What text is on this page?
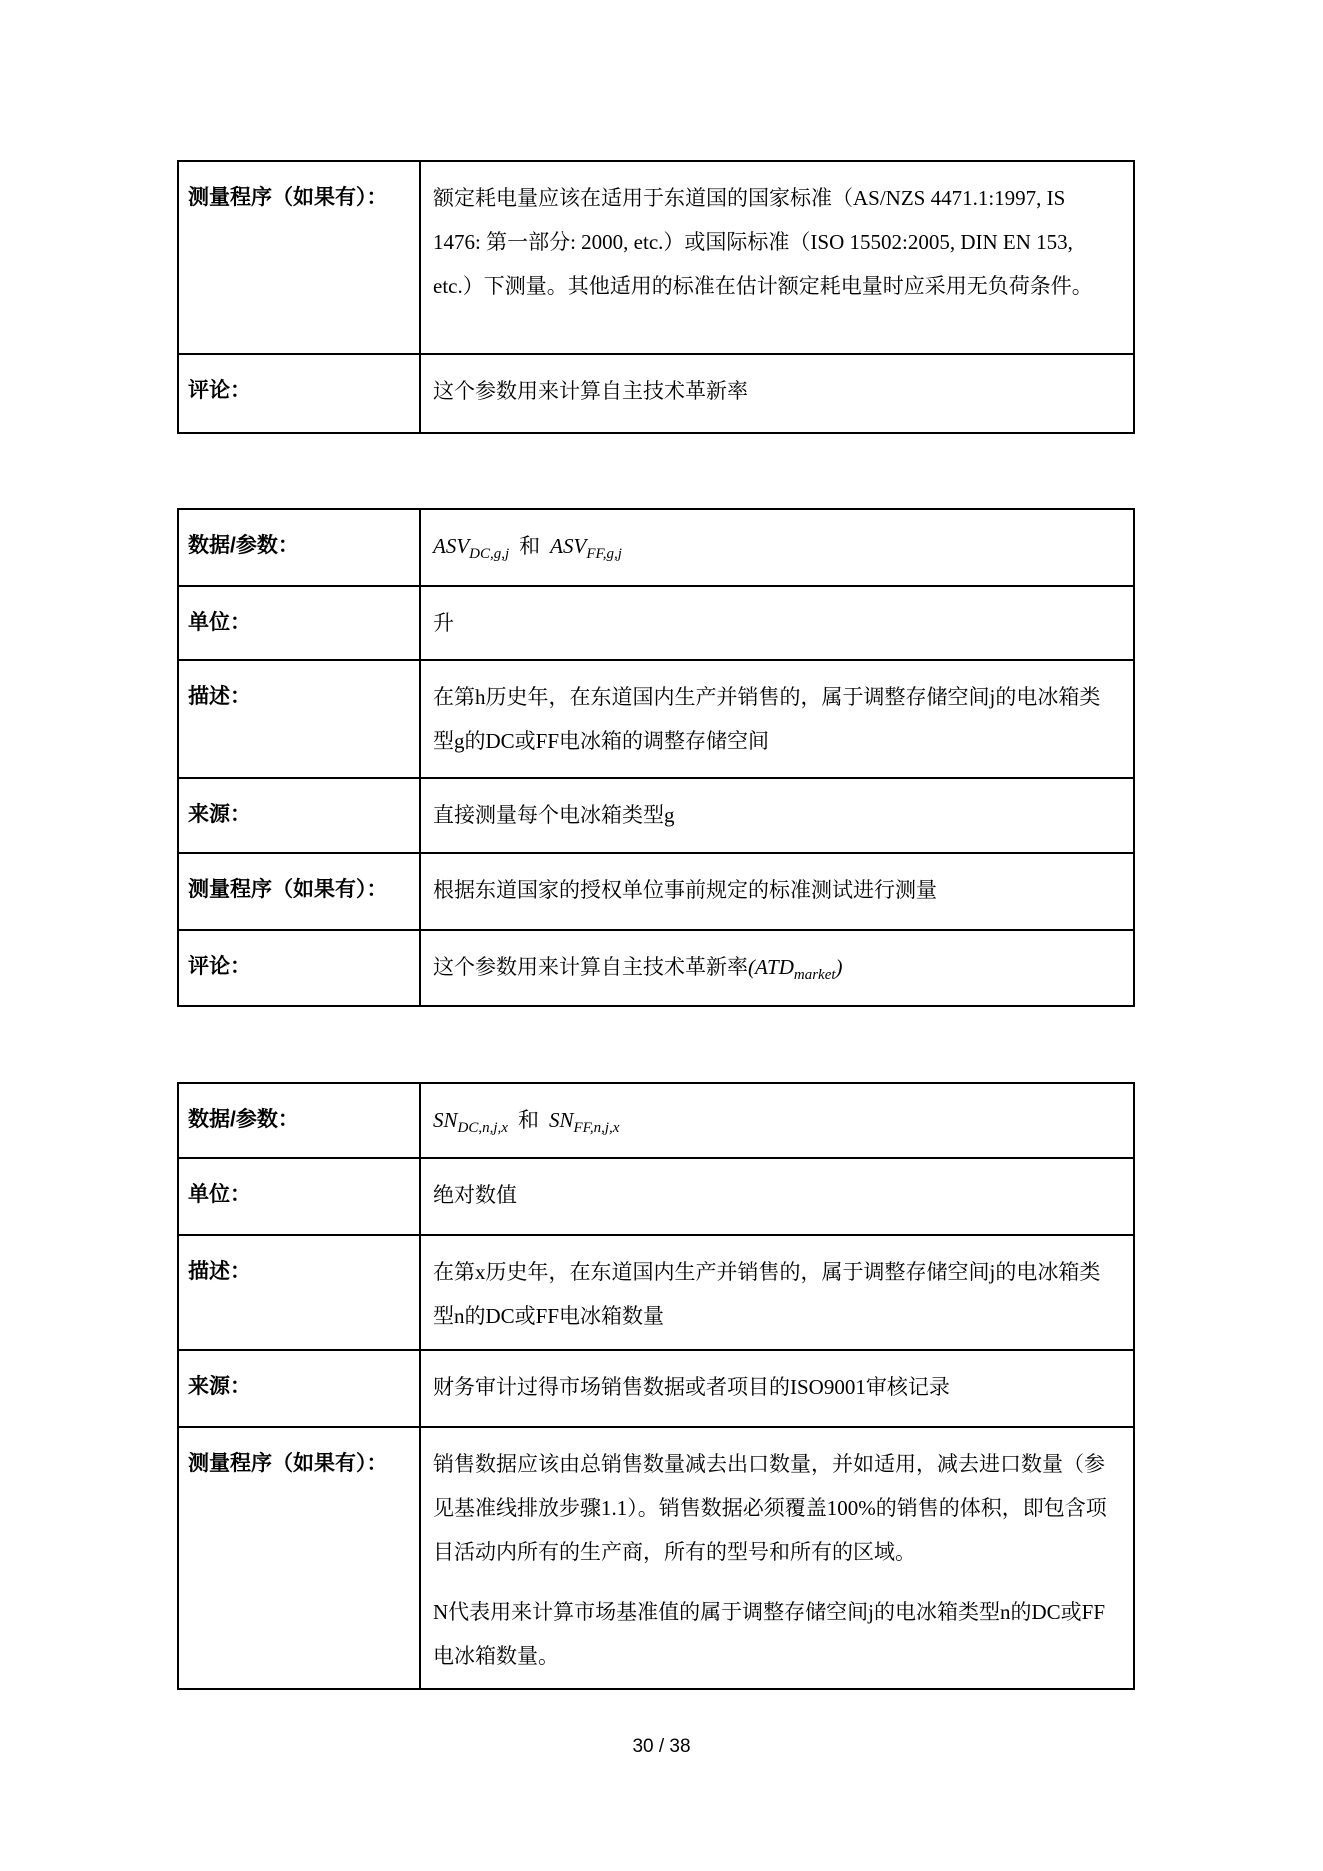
测量程序（如果有）：	额定耗电量应该在适用于东道国的国家标准（AS/NZS 4471.1:1997, IS 1476: 第一部分: 2000, etc.）或国际标准（ISO 15502:2005, DIN EN 153, etc.）下测量。其他适用的标准在估计额定耗电量时应采用无负荷条件。
评论：	这个参数用来计算自主技术革新率
数据/参数：	$ASV_{DC,g,j}$ 和 $ASV_{FF,g,j}$
单位：	升
描述：	在第h历史年，在东道国内生产并销售的，属于调整存储空间j的电冰箱类型g的DC或FF电冰箱的调整存储空间
来源：	直接测量每个电冰箱类型g
测量程序（如果有）：	根据东道国家的授权单位事前规定的标准测试进行测量
评论：	这个参数用来计算自主技术革新率$(ATD_{market})$
数据/参数：	$SN_{DC,n,j,x}$ 和 $SN_{FF,n,j,x}$
单位：	绝对数值
描述：	在第x历史年，在东道国内生产并销售的，属于调整存储空间j的电冰箱类型n的DC或FF电冰箱数量
来源：	财务审计过得市场销售数据或者项目的ISO9001审核记录
测量程序（如果有）：	销售数据应该由总销售数量减去出口数量，并如适用，减去进口数量（参见基准线排放步骤1.1）。销售数据必须覆盖100%的销售的体积，即包含项目活动内所有的生产商，所有的型号和所有的区域。

N代表用来计算市场基准值的属于调整存储空间j的电冰箱类型n的DC或FF电冰箱数量。

30 / 38
